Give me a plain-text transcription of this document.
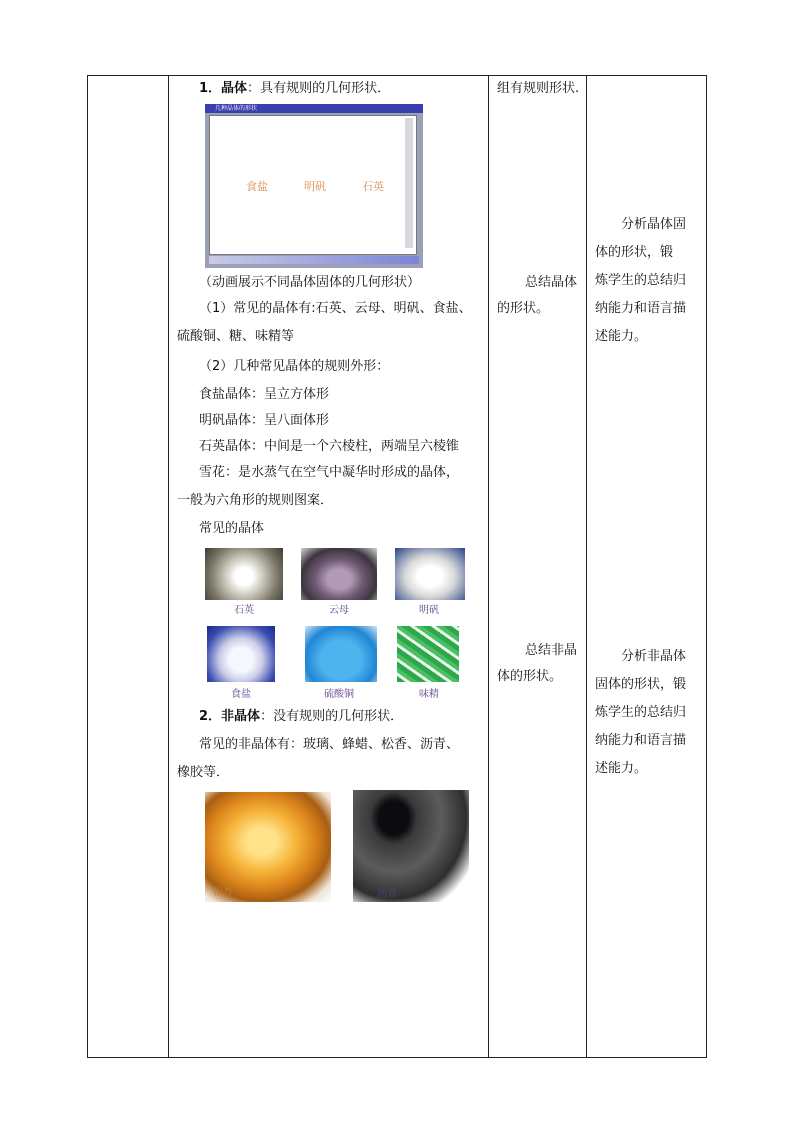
1．晶体：具有规则的几何形状．

几种晶体的形状
食盐	明矾	石英

（动画展示不同晶体固体的几何形状）

（1）常见的晶体有:石英、云母、明矾、食盐、

硫酸铜、糖、味精等

（2）几种常见晶体的规则外形：

食盐晶体：呈立方体形

明矾晶体：呈八面体形

石英晶体：中间是一个六棱柱，两端呈六棱锥

雪花：是水蒸气在空气中凝华时形成的晶体，

一般为六角形的规则图案．

常见的晶体

石英	云母	明矾
食盐	硫酸铜	味精

2．非晶体：没有规则的几何形状．

常见的非晶体有：玻璃、蜂蜡、松香、沥青、

橡胶等．

松香	沥青

组有规则形状.

总结晶体

的形状。

总结非晶

体的形状。

分析晶体固

体的形状，锻

炼学生的总结归

纳能力和语言描

述能力。

分析非晶体

固体的形状，锻

炼学生的总结归

纳能力和语言描

述能力。
